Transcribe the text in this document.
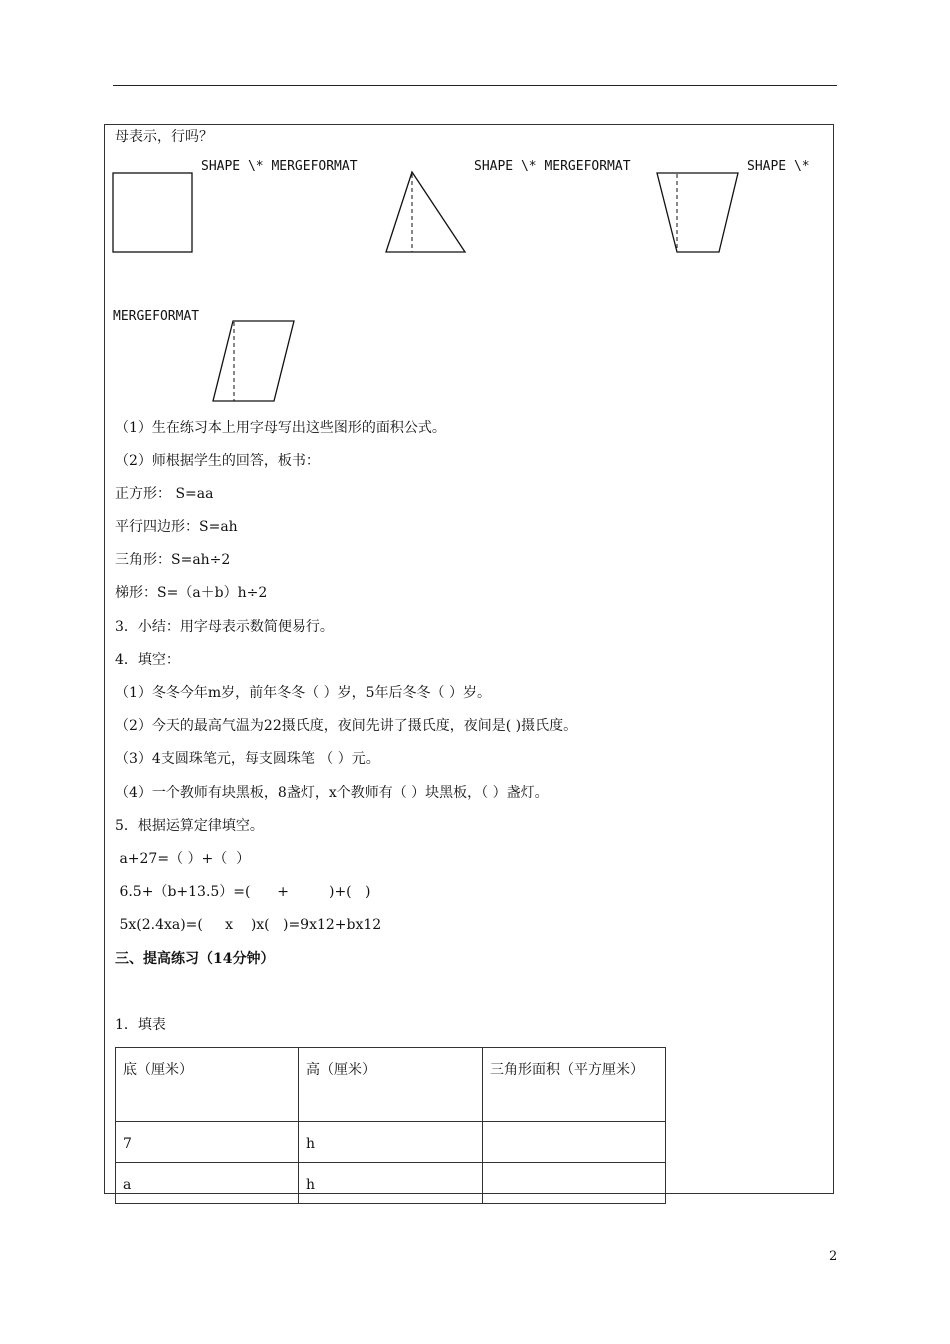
母表示，行吗？
SHAPE \* MERGEFORMAT	SHAPE \* MERGEFORMAT	SHAPE \*
MERGEFORMAT
（1）生在练习本上用字母写出这些图形的面积公式。
（2）师根据学生的回答，板书：
正方形： S=aa
平行四边形：S=ah
三角形：S=ah÷2
梯形：S=（a＋b）h÷2
3．小结：用字母表示数简便易行。
4．填空：
（1）冬冬今年m岁，前年冬冬（ ）岁，5年后冬冬（ ）岁。
（2）今天的最高气温为22摄氏度，夜间先讲了摄氏度，夜间是( )摄氏度。
（3）4支圆珠笔元，每支圆珠笔 （ ）元。
（4）一个教师有块黑板，8盏灯，x个教师有（ ）块黑板，（ ）盏灯。
5．根据运算定律填空。
a+27=（ ）+（  ）
6.5+（b+13.5）=(      +         )+(   )
5x(2.4xa)=(     x    )x(   )=9x12+bx12
三、提高练习（14分钟）
1．填表
底（厘米）	高（厘米）	三角形面积（平方厘米）
7	h	
a	h	
2
